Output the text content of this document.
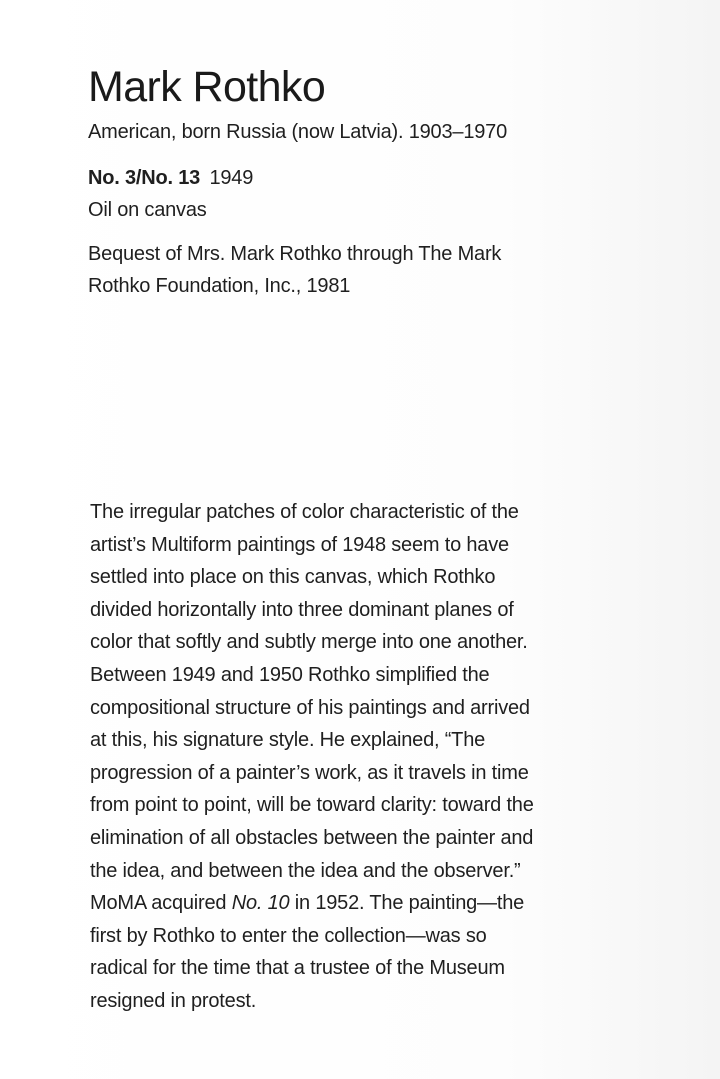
Mark Rothko

American, born Russia (now Latvia). 1903–1970

No. 3/No. 13 1949

Oil on canvas

Bequest of Mrs. Mark Rothko through The Mark
Rothko Foundation, Inc., 1981

The irregular patches of color characteristic of the
artist’s Multiform paintings of 1948 seem to have
settled into place on this canvas, which Rothko
divided horizontally into three dominant planes of
color that softly and subtly merge into one another.
Between 1949 and 1950 Rothko simplified the
compositional structure of his paintings and arrived
at this, his signature style. He explained, “The
progression of a painter’s work, as it travels in time
from point to point, will be toward clarity: toward the
elimination of all obstacles between the painter and
the idea, and between the idea and the observer.”
MoMA acquired No. 10 in 1952. The painting—the
first by Rothko to enter the collection—was so
radical for the time that a trustee of the Museum
resigned in protest.
